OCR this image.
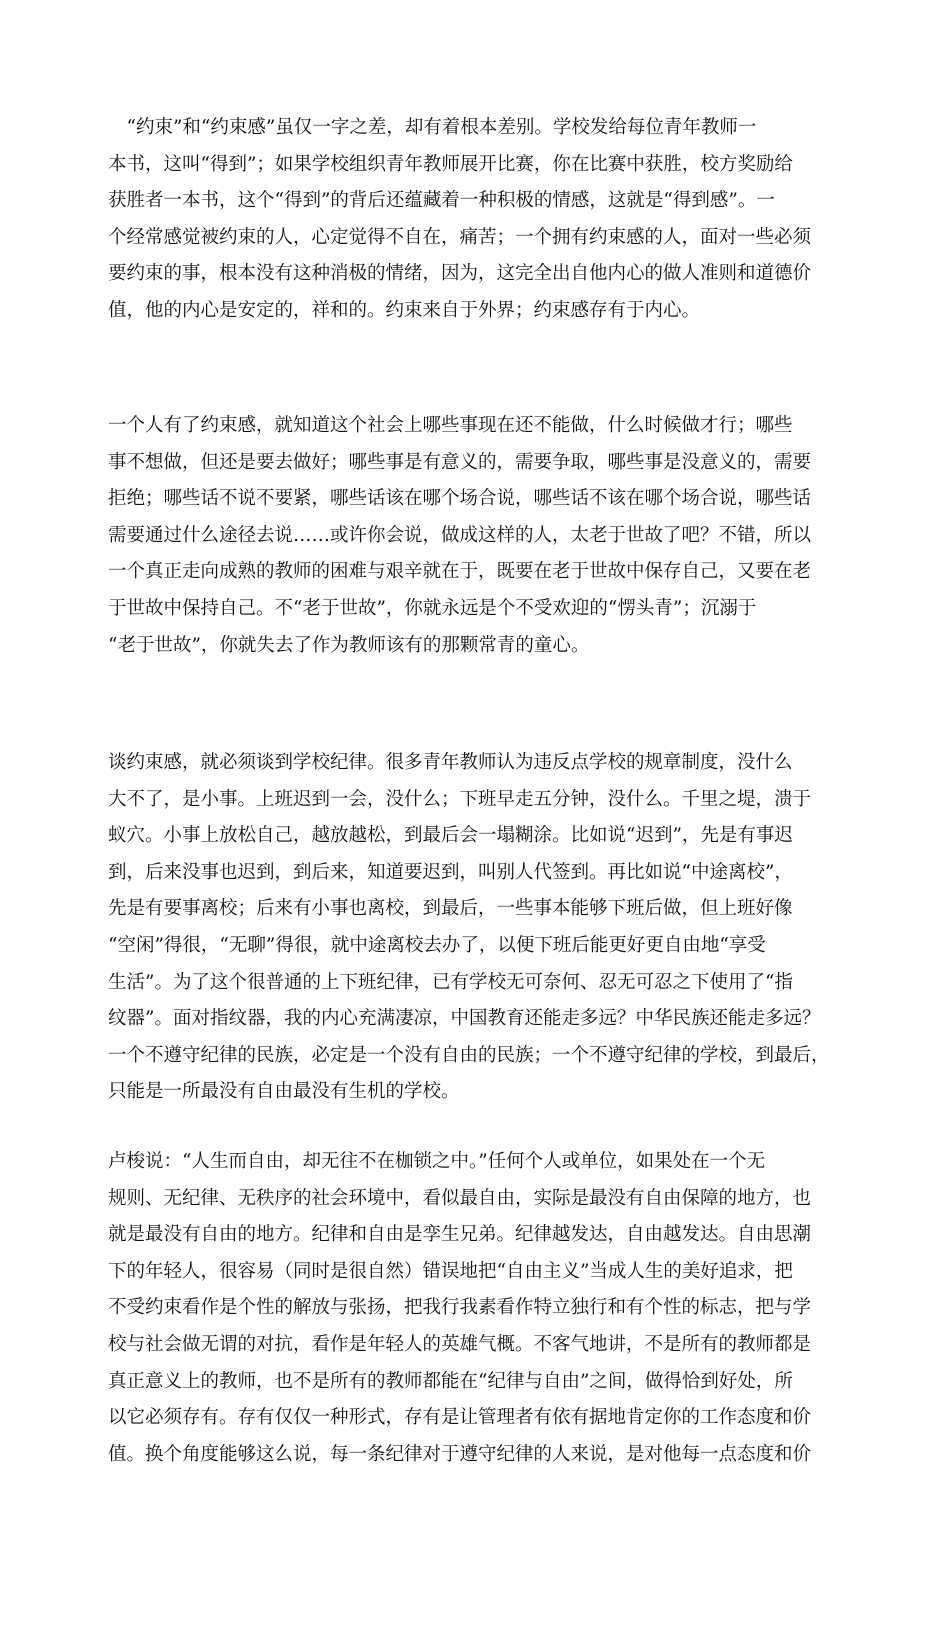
　“约束”和“约束感”虽仅一字之差，却有着根本差别。学校发给每位青年教师一
本书，这叫“得到”；如果学校组织青年教师展开比赛，你在比赛中获胜，校方奖励给
获胜者一本书，这个“得到”的背后还蕴藏着一种积极的情感，这就是“得到感”。一
个经常感觉被约束的人，心定觉得不自在，痛苦；一个拥有约束感的人，面对一些必须
要约束的事，根本没有这种消极的情绪，因为，这完全出自他内心的做人准则和道德价
值，他的内心是安定的，祥和的。约束来自于外界；约束感存有于内心。
一个人有了约束感，就知道这个社会上哪些事现在还不能做，什么时候做才行；哪些
事不想做，但还是要去做好；哪些事是有意义的，需要争取，哪些事是没意义的，需要
拒绝；哪些话不说不要紧，哪些话该在哪个场合说，哪些话不该在哪个场合说，哪些话
需要通过什么途径去说……或许你会说，做成这样的人，太老于世故了吧？不错，所以
一个真正走向成熟的教师的困难与艰辛就在于，既要在老于世故中保存自己，又要在老
于世故中保持自己。不“老于世故”，你就永远是个不受欢迎的“愣头青”；沉溺于
“老于世故”，你就失去了作为教师该有的那颗常青的童心。
谈约束感，就必须谈到学校纪律。很多青年教师认为违反点学校的规章制度，没什么
大不了，是小事。上班迟到一会，没什么；下班早走五分钟，没什么。千里之堤，溃于
蚁穴。小事上放松自己，越放越松，到最后会一塌糊涂。比如说“迟到”，先是有事迟
到，后来没事也迟到，到后来，知道要迟到，叫别人代签到。再比如说“中途离校”，
先是有要事离校；后来有小事也离校，到最后，一些事本能够下班后做，但上班好像
“空闲”得很，“无聊”得很，就中途离校去办了，以便下班后能更好更自由地“享受
生活”。为了这个很普通的上下班纪律，已有学校无可奈何、忍无可忍之下使用了“指
纹器”。面对指纹器，我的内心充满凄凉，中国教育还能走多远？中华民族还能走多远？
一个不遵守纪律的民族，必定是一个没有自由的民族；一个不遵守纪律的学校，到最后，
只能是一所最没有自由最没有生机的学校。
卢梭说：“人生而自由，却无往不在枷锁之中。”任何个人或单位，如果处在一个无
规则、无纪律、无秩序的社会环境中，看似最自由，实际是最没有自由保障的地方，也
就是最没有自由的地方。纪律和自由是孪生兄弟。纪律越发达，自由越发达。自由思潮
下的年轻人，很容易（同时是很自然）错误地把“自由主义”当成人生的美好追求，把
不受约束看作是个性的解放与张扬，把我行我素看作特立独行和有个性的标志，把与学
校与社会做无谓的对抗，看作是年轻人的英雄气概。不客气地讲，不是所有的教师都是
真正意义上的教师，也不是所有的教师都能在“纪律与自由”之间，做得恰到好处，所
以它必须存有。存有仅仅一种形式，存有是让管理者有依有据地肯定你的工作态度和价
值。换个角度能够这么说，每一条纪律对于遵守纪律的人来说，是对他每一点态度和价
